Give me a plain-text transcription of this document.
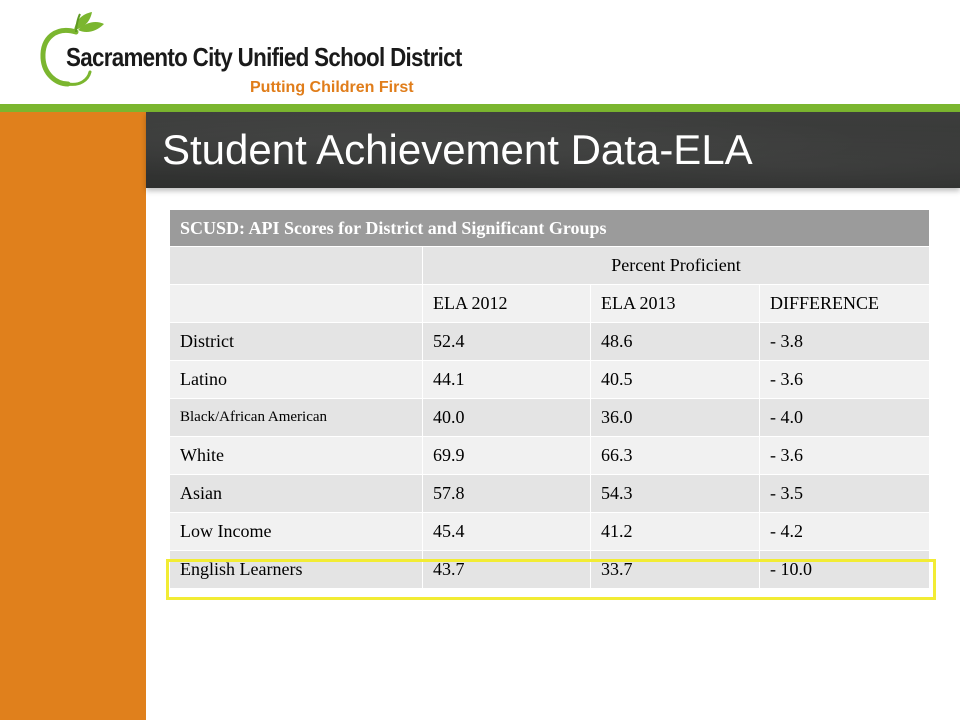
Sacramento City Unified School District
Putting Children First
Student Achievement Data-ELA
SCUSD: API Scores for District and Significant Groups			
	Percent Proficient		
	ELA 2012	ELA 2013	DIFFERENCE
District	52.4	48.6	- 3.8
Latino	44.1	40.5	- 3.6
Black/African American	40.0	36.0	- 4.0
White	69.9	66.3	- 3.6
Asian	57.8	54.3	- 3.5
Low Income	45.4	41.2	- 4.2
English Learners	43.7	33.7	- 10.0
